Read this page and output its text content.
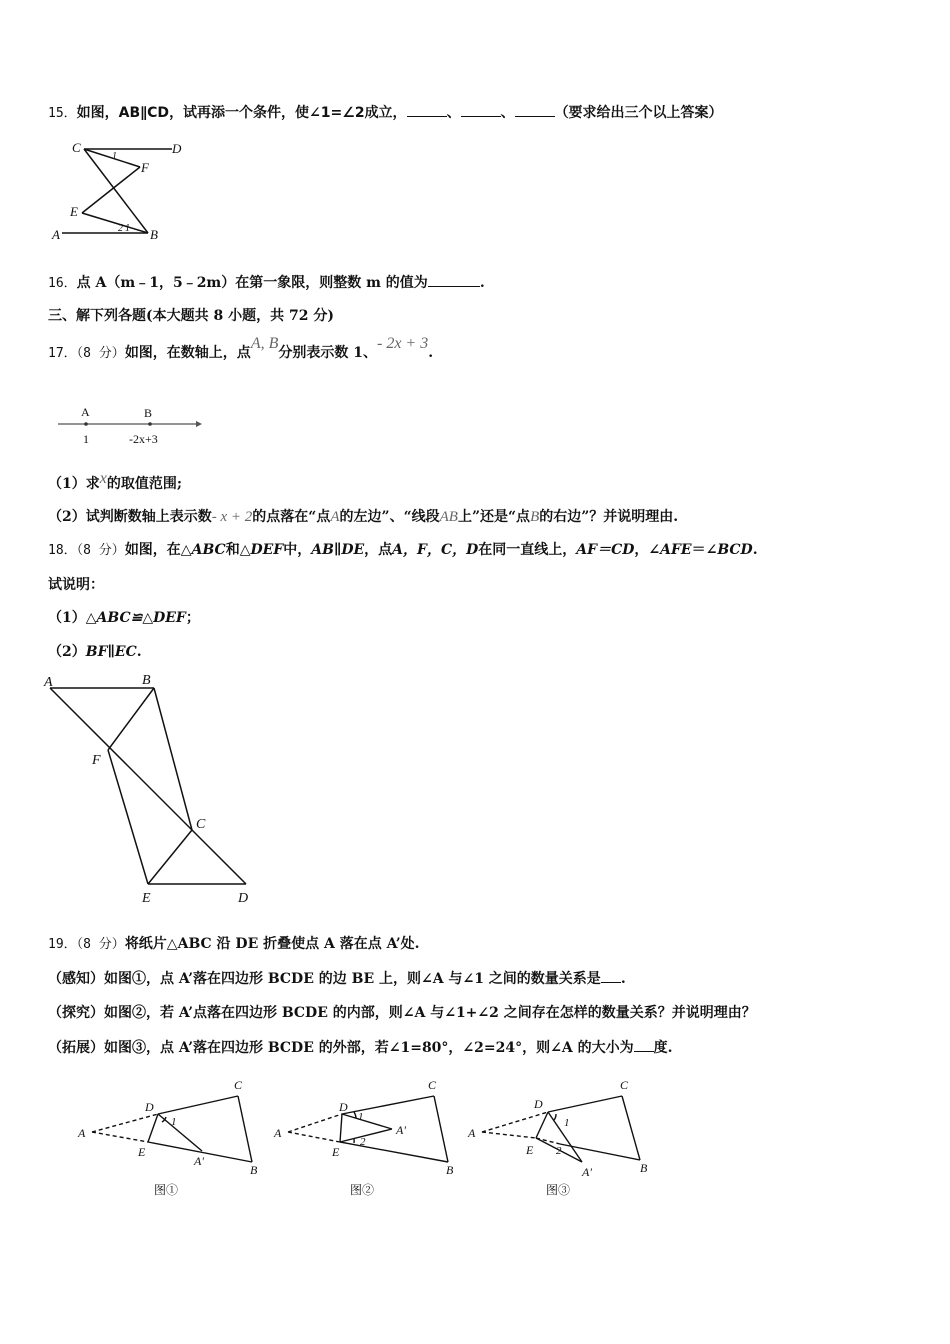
15．如图，AB∥CD，试再添一个条件，使∠1=∠2成立，	、	、	（要求给出三个以上答案）
C	D
F
E
A	B
1
2 1
16．点 A（m﹣1，5﹣2m）在第一象限，则整数 m 的值为	.
三、解下列各题(本大题共 8 小题，共 72 分)
17．（8 分）如图，在数轴上，点A, B分别表示数 1、- 2x + 3.
A	B
1	-2x+3
（1）求x的取值范围;
（2）试判断数轴上表示数- x + 2的点落在“点A的左边”、“线段AB上”还是“点B的右边”？并说明理由.
18．（8 分）如图，在△ABC和△DEF中，AB∥DE，点A，F，C，D在同一直线上，AF＝CD，∠AFE＝∠BCD.
试说明：
（1）△ABC≌△DEF；
（2）BF∥EC.
A	B
F
C
E	D
19．（8 分）将纸片△ABC 沿 DE 折叠使点 A 落在点 A’处.
（感知）如图①，点 A’落在四边形 BCDE 的边 BE 上，则∠A 与∠1 之间的数量关系是 .
（探究）如图②，若 A’点落在四边形 BCDE 的内部，则∠A 与∠1+∠2 之间存在怎样的数量关系？并说明理由？
（拓展）如图③，点 A’落在四边形 BCDE 的外部，若∠1=80°，∠2=24°，则∠A 的大小为 度.
A
D
C
E
A'
B
1
图①
A
D
C
E
A'
B
1
2
图②
A
D
C
E
A'	B
1
2
图③
